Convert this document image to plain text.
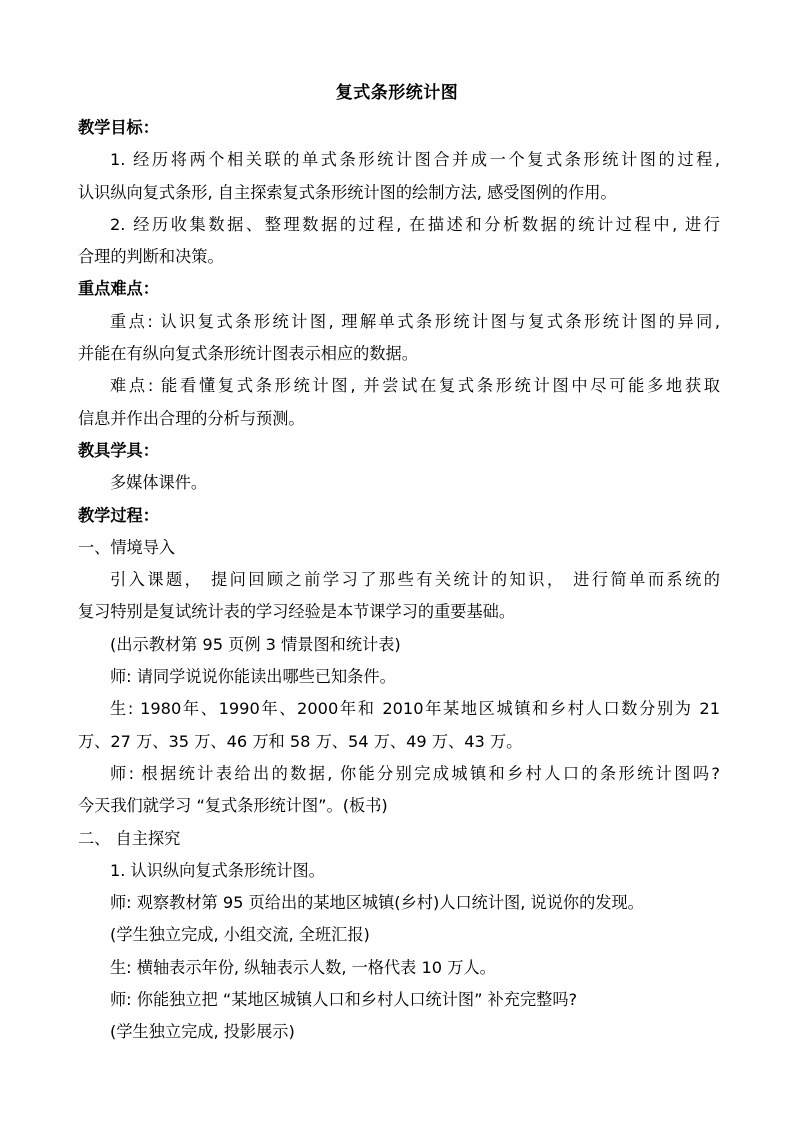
复式条形统计图
教学目标：
1. 经历将两个相关联的单式条形统计图合并成一个复式条形统计图的过程,
认识纵向复式条形, 自主探索复式条形统计图的绘制方法, 感受图例的作用。
2. 经历收集数据、整理数据的过程, 在描述和分析数据的统计过程中, 进行
合理的判断和决策。
重点难点：
重点: 认识复式条形统计图, 理解单式条形统计图与复式条形统计图的异同,
并能在有纵向复式条形统计图表示相应的数据。
难点: 能看懂复式条形统计图, 并尝试在复式条形统计图中尽可能多地获取
信息并作出合理的分析与预测。
教具学具：
多媒体课件。
教学过程：
一、情境导入
引入课题， 提问回顾之前学习了那些有关统计的知识， 进行简单而系统的
复习特别是复试统计表的学习经验是本节课学习的重要基础。
(出示教材第 95 页例 3 情景图和统计表)
师: 请同学说说你能读出哪些已知条件。
生: 1980年、1990年、2000年和 2010年某地区城镇和乡村人口数分别为 21
万、27 万、35 万、46 万和 58 万、54 万、49 万、43 万。
师: 根据统计表给出的数据, 你能分别完成城镇和乡村人口的条形统计图吗?
今天我们就学习 “复式条形统计图”。(板书)
二、 自主探究
1. 认识纵向复式条形统计图。
师: 观察教材第 95 页给出的某地区城镇(乡村)人口统计图, 说说你的发现。
(学生独立完成, 小组交流, 全班汇报)
生: 横轴表示年份, 纵轴表示人数, 一格代表 10 万人。
师: 你能独立把 “某地区城镇人口和乡村人口统计图” 补充完整吗?
(学生独立完成, 投影展示)
